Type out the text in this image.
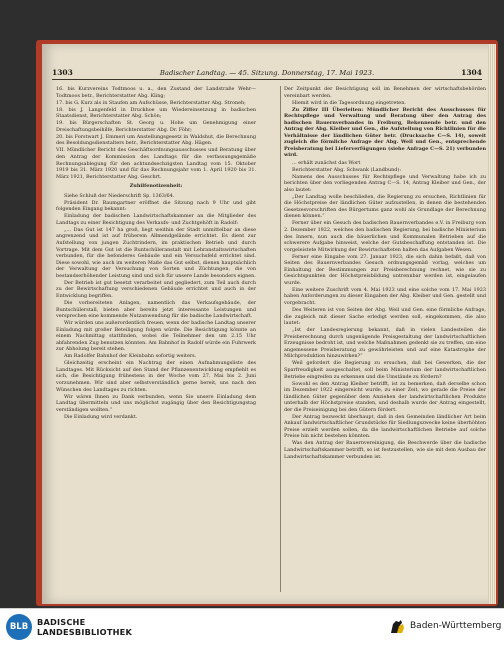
1303	Badischer Landtag. — 45. Sitzung. Donnerstag, 17. Mai 1923.	1304

16. bis Kurzvereins Todtmoos u. a., den Zustand der Landstraße Wehr—Todtmoos betr., Berichterstatter Abg. Kling;

17. bis G. Kurz als in Staufen am Aufschüsse, Berichterstatter Abg. Stroneh;

18. bis J. Langenfeld in Druckhoe um Wiedereinsetzung in badischen Staatsdienst, Berichterstatter Abg. Schön;

19. bis Bürgerschaften St. Georg u. Hohe um Genehmigung einer Dreischaftungsbeihilfe, Berichterstatter Abg. Dr. Föhr;

20. bis Forstwart J. Emmeri um Anstellungsgesetz in Waldshut, die Berechnung des Besoldungsdienstalters betr., Berichterstatter Abg. Hägen.

VII. Mündlicher Bericht des Geschäftsordnungsausschusses und Beratung über den Antrag der Kommission des Landtags für die verfassungsgemäße Rechnungsablegung für den achtundsechzigsten Landtag vom 15. Oktober 1919 bis 31. März 1920 und für das Rechnungsjahr vom 1. April 1920 bis 31. März 1921, Berichterstatter Abg. Geschrt.

Zuhilfenotizenheit:

Siehe Schluß der Niederschrift Sp. 1363/64.

Präsident Dr. Baumgartner eröffnet die Sitzung nach 9 Uhr und gibt folgenden Eingang bekannt:

Einladung der badischen Landwirtschaftskammer an die Mitglieder des Landtags zu einer Besichtigung des Verkaufs- und Zuchtgehöft in Radolf:

„... Das Gut ist 147 ha groß, liegt weithin der Stadt unmittelbar an diese angrenzend und ist auf früherem Allmendgelände errichtet. Es dient zur Aufstellung von jungen Zuchtrindern, im praktischen Betrieb und durch Vortrage. Mit dem Gut ist die Buntschüleranstalt mit Lehranstaltswirtschaften verbunden, für die befonderes Gebäude und ein Versuchsfeld errichtet sind. Diese sowohl, wie auch im weiteren Maße das Gut selbst, dienen hauptsächlich der Verwaltung der Versuchung von Sorten und Züchtungen, die von bestandserhöhender Leistung sind und sich für unsere Lande besonders eignen.

Der Betrieb ist gut besetzt verarbeitet und gegliedert, zum Teil auch durch zu der Bewirtschaftung verschiedenen Gebäude errichtet und auch in der Entwicklung begriffen.

Die vorbereiteten Anlagen, namentlich das Verkaufsgebäude, der Buntschülerstall, bieten aber bereits jetzt interessante Leistungen und versprechen eine kommende Nutzanwendung für die badische Landwirtschaft.

Wir würden uns außerordentlich freuen, wenn der badische Landtag unserer Einladung mit großer Beteiligung folgen würde. Die Besichtigung könnte an einem Nachmittag stattfinden, wobei die Teilnehmer den um 2.15 Uhr abfahrenden Zug benutzen könnten. Am Bahnhof in Radolf würde ein Fuhrwerk zur Abholung bereit stehen.

Am Radolfer Bahnhof der Kleinbahn sofortig weiters.

Gleichzeitig erscheint ein Nachtrag der einen Aufnahmungsliste des Landtages. Mit Rücksicht auf den Stand der Pflanzenentwicklung empfiehlt es sich, die Besichtigung frühestens in der Woche vom 27. Mai bis 2. Juni vorzunehmen. Wir sind aber selbstverständlich gerne bereit, uns nach den Wünschen des Landtages zu richten.

Wir wären Ihnen zu Dank verbunden, wenn Sie unsere Einladung dem Landtag übermitteln und uns möglichst zugängig über den Besichtigungstag verständigen wollten.“

Die Einladung wird verdankt.

Der Zeitpunkt der Besichtigung soll im Benehmen der wirtschaftsbehörden vereinbart werden.

Hiemit wird in die Tagesordnung eingetreten.

Zu Ziffer III Überleiten: Mündlicher Bericht des Ausschusses für Rechtspflege und Verwaltung und Beratung über den Antrag des badischen Bauernverbandes in Freiburg, Bekennende betr. und den Antrag der Abg. Kleiber und Gen., die Aufstellung von Richtlinien für die Verhältnisse der ländlichen Güter betr. (Drucksache C—S. 14), soweit zugleich die förmliche Anfrage der Abg. Weil und Gen., entsprechende Preisberatung bei Lieferverfügungen (siehe Anfrage C—S. 21) verbunden wird.

... erhält zunächst das Wort

Berichterstatter Abg. Schwank (Landbund):

Namens des Ausschusses für Rechtspflege und Verwaltung habe ich zu berichten über den vorliegenden Antrag C—S. 14, Antrag Kleiber und Gen., der also lautet:

„Der Landtag wolle beschließen, die Regierung zu ersuchen, Richtlinien für die Höchstpreise der ländlichen Güter aufzustellen, in denen die bestehenden Gesetzesvorschriften des Bürgertums ganz wohl als Grundlage der Berechnung dienen können.“

Ferner über ein Gesuch des badischen Bauernverbandes e.V. in Freiburg vom 2. Dezember 1922, welches den badischen Regierung, bei badische Ministerium des Innern, nun auch die bäuerlichen und Kommunalen Betrieben auf die schwerere Aufgabe hinweist, welche der Gutsbeschaffung entstanden ist. Die vorgeleistete Mitwirkung der Bewirtschafteten halten das Aufgaben Wesen.

Ferner eine Eingabe vom 27. Januar 1923, die sich dahin befaßt, daß von Seiten des Bauernverbandes Gesuch ordnungsgemäß vorlag, welches um Einhaltung der Bestimmungen zur Preisberechnung rechnet, wie sie zu Gesichtspunkten der Höchstpreisbildung untrennbar werden ist, eingelaufen wurde.

Eine weitere Zuschrift vom 4. Mai 1923 und eine solche vom 17. Mai 1923 haben Anforderungen zu dieser Eingaben der Abg. Kleiber und Gen. gestellt und vorgebracht.

Des Weiteren ist von Seiten der Abg. Weil und Gen. eine förmliche Anfrage, die zugleich mit dieser Sache erledigt werden soll, eingekommen, die also lautet:

„Ist der Landesregierung bekannt, daß in vielen Landesteilen die Preisberechnung durch ungenügende Preisgestaltung der landwirtschaftlichen Erzeugnisse bedroht ist, und welche Maßnahmen gedenkt sie zu treffen, um eine angemessene Preisberatung zu gewährleisten und auf eine Katastrophe der Milchproduktion hinzuwirken?“

Weil gefordert die Regierung zu ersuchen, daß bei Gewerken, die der Sparfreudigkeit ausgeschaltet, soll beim Ministerium der landwirtschaftlichen Betriebe eingreifen zu erkennen und die Umstände zu fördern?

Sowohl es den Antrag Kleiber betrifft, ist zu bemerken, daß derselbe schon im Dezember 1922 eingereicht wurde, zu einer Zeit, wo gerade die Preise der ländlichen Güter gegenüber dem Anziehen der landwirtschaftlichen Produkte unterhalb der Höchstpreise standen, und deshalb wurde der Antrag eingestellt, der die Preiseinigung bei den Gütern fördert.

Der Antrag bezweckt überhaupt, daß in den Gemeinden ländlicher Art beim Ankauf landwirtschaftlicher Grundstücke für Siedlungszwecke keine überhöhten Preise erzielt werden sollen, da die landwirtschaftlichen Betriebe auf solche Preise hin nicht bestehen könnten.

Was den Antrag der Bauernvereinigung, die Beschwerde über die badische Landwirtschaftskammer betrifft, so ist festzustellen, wie sie mit dem Ausbau der Landwirtschaftskammer verbunden ist.

BLB	BADISCHE
LANDESBIBLIOTHEK
Baden-Württemberg
